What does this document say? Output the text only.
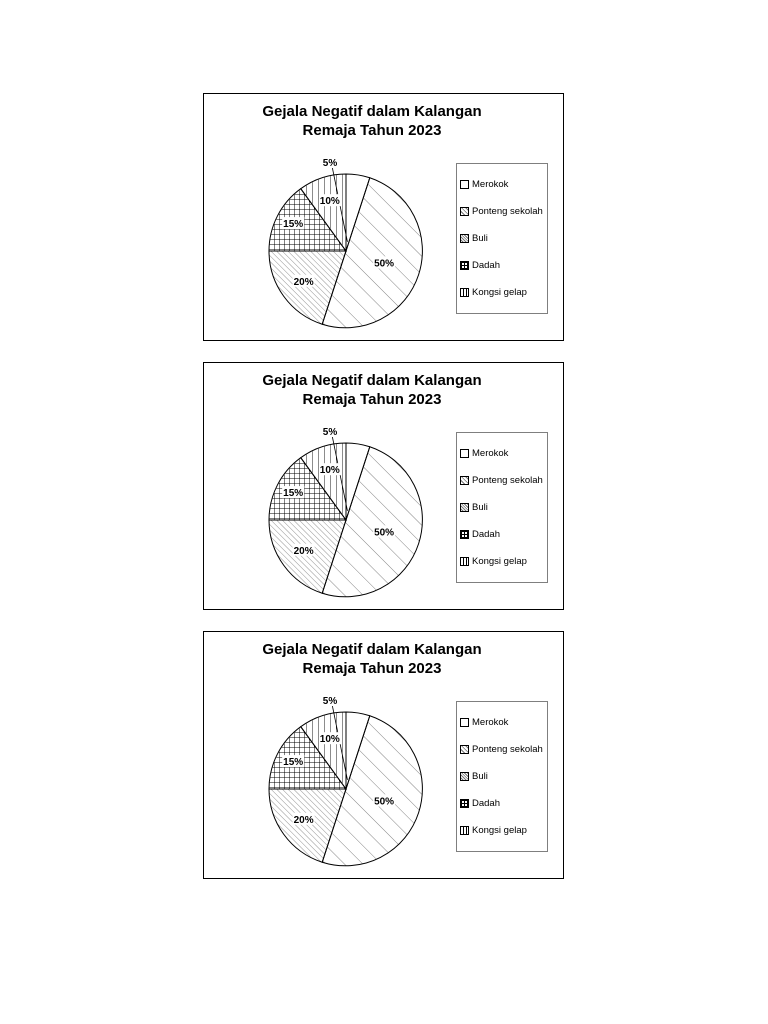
Gejala Negatif dalam Kalangan
Remaja Tahun 2023
5%
50%
20%
15%
10%
Merokok
Ponteng sekolah
Buli
Dadah
Kongsi gelap
Gejala Negatif dalam Kalangan
Remaja Tahun 2023
5%
50%
20%
15%
10%
Merokok
Ponteng sekolah
Buli
Dadah
Kongsi gelap
Gejala Negatif dalam Kalangan
Remaja Tahun 2023
5%
50%
20%
15%
10%
Merokok
Ponteng sekolah
Buli
Dadah
Kongsi gelap
